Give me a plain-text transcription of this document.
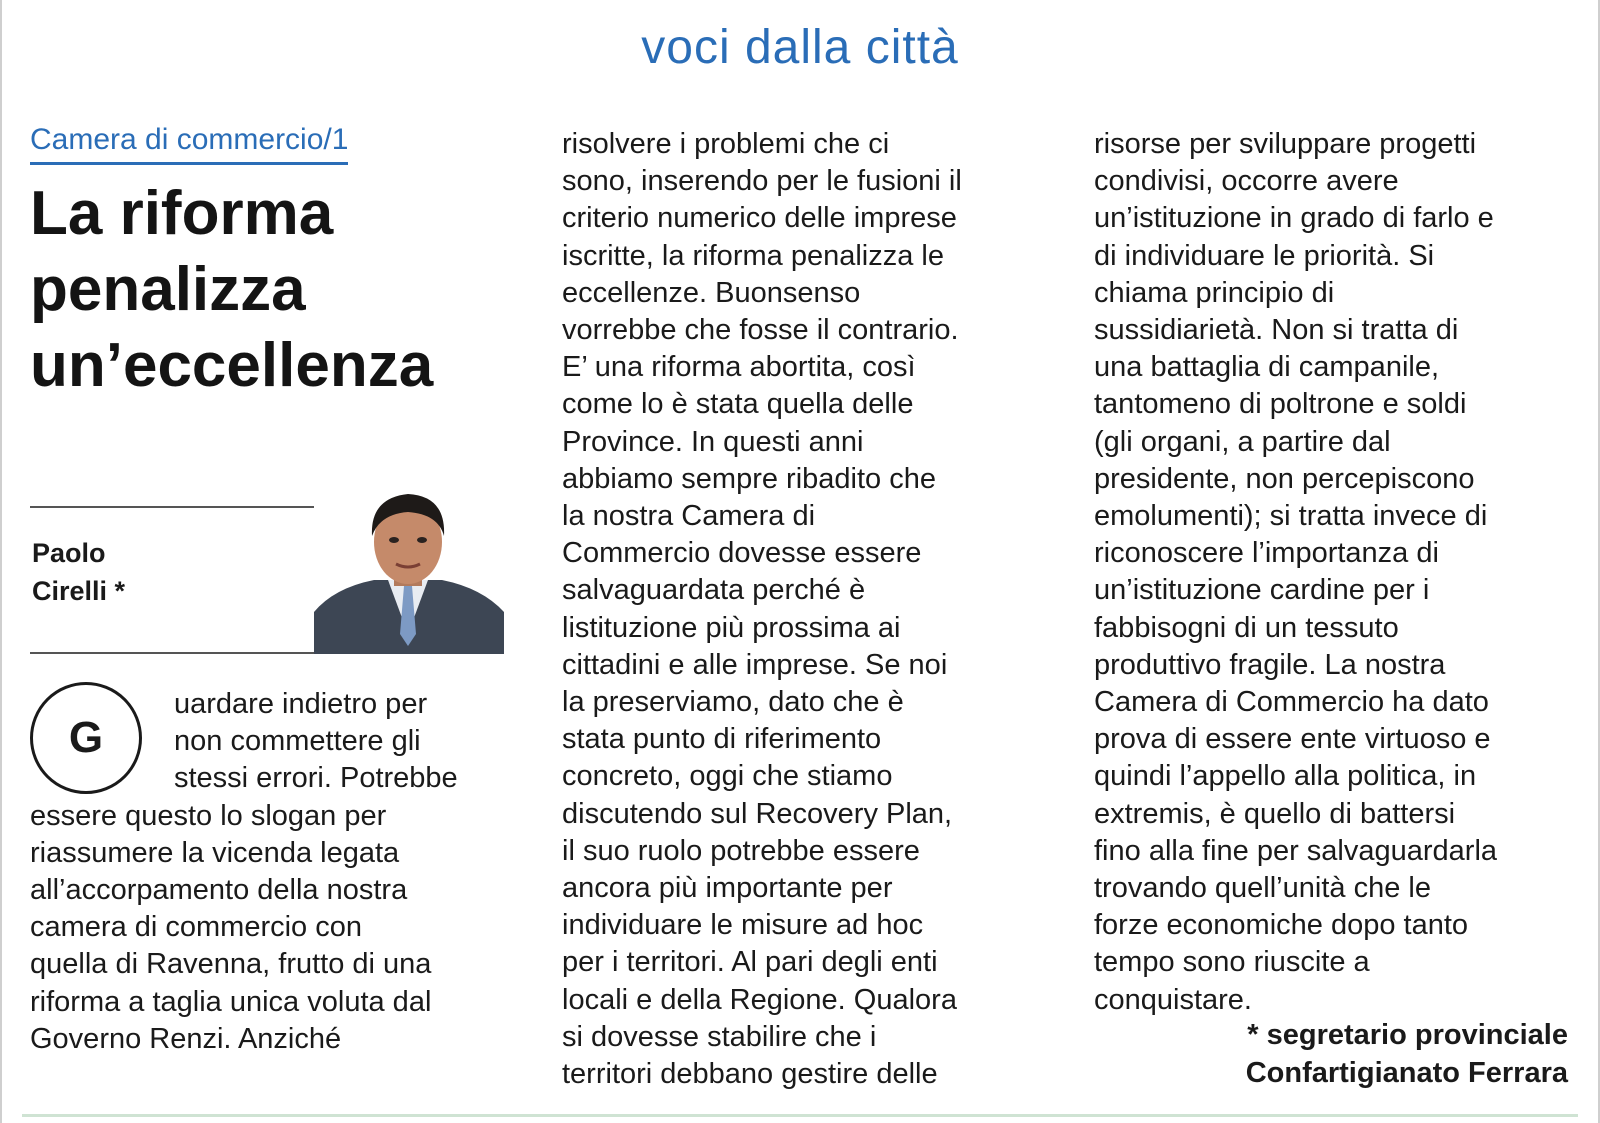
voci dalla città
Camera di commercio/1
La riforma
penalizza
un’eccellenza
Paolo
Cirelli *
G
uardare indietro per
non commettere gli
stessi errori. Potrebbe
essere questo lo slogan per
riassumere la vicenda legata
all’accorpamento della nostra
camera di commercio con
quella di Ravenna, frutto di una
riforma a taglia unica voluta dal
Governo Renzi. Anziché
risolvere i problemi che ci
sono, inserendo per le fusioni il
criterio numerico delle imprese
iscritte, la riforma penalizza le
eccellenze. Buonsenso
vorrebbe che fosse il contrario.
E’ una riforma abortita, così
come lo è stata quella delle
Province. In questi anni
abbiamo sempre ribadito che
la nostra Camera di
Commercio dovesse essere
salvaguardata perché è
listituzione più prossima ai
cittadini e alle imprese. Se noi
la preserviamo, dato che è
stata punto di riferimento
concreto, oggi che stiamo
discutendo sul Recovery Plan,
il suo ruolo potrebbe essere
ancora più importante per
individuare le misure ad hoc
per i territori. Al pari degli enti
locali e della Regione. Qualora
si dovesse stabilire che i
territori debbano gestire delle
risorse per sviluppare progetti
condivisi, occorre avere
un’istituzione in grado di farlo e
di individuare le priorità. Si
chiama principio di
sussidiarietà. Non si tratta di
una battaglia di campanile,
tantomeno di poltrone e soldi
(gli organi, a partire dal
presidente, non percepiscono
emolumenti); si tratta invece di
riconoscere l’importanza di
un’istituzione cardine per i
fabbisogni di un tessuto
produttivo fragile. La nostra
Camera di Commercio ha dato
prova di essere ente virtuoso e
quindi l’appello alla politica, in
extremis, è quello di battersi
fino alla fine per salvaguardarla
trovando quell’unità che le
forze economiche dopo tanto
tempo sono riuscite a
conquistare.
* segretario provinciale
Confartigianato Ferrara
